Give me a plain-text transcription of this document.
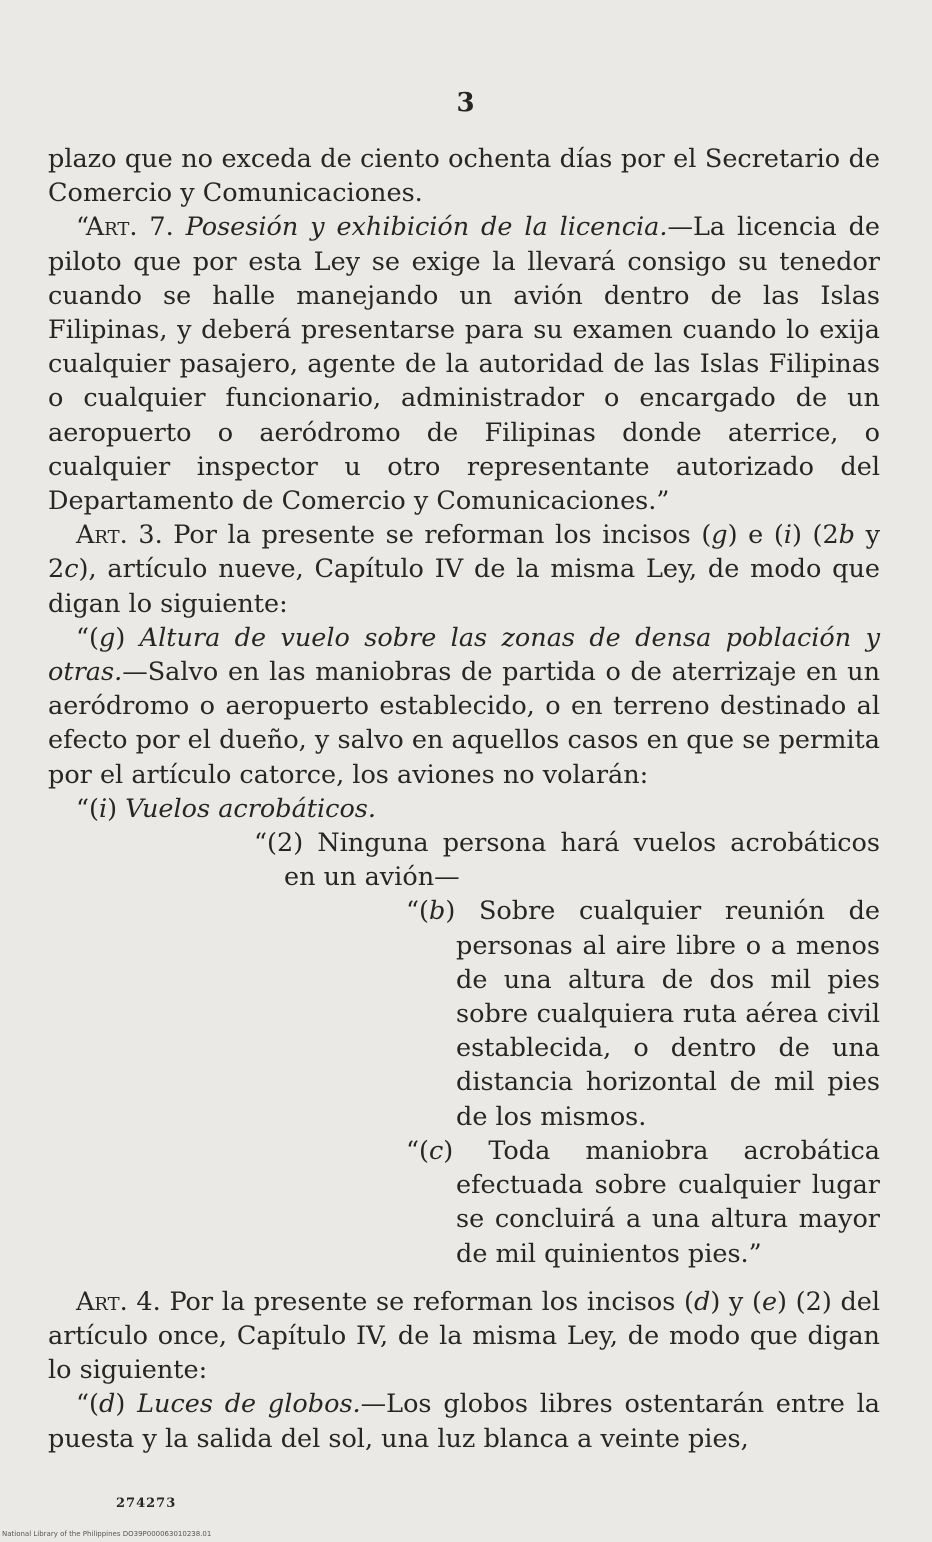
3

plazo que no exceda de ciento ochenta días por el Secretario de Comercio y Comunicaciones.

“Art. 7. Posesión y exhibición de la licencia.—La licencia de piloto que por esta Ley se exige la llevará consigo su tenedor cuando se halle manejando un avión dentro de las Islas Filipinas, y deberá presentarse para su examen cuando lo exija cualquier pasajero, agente de la autoridad de las Islas Filipinas o cualquier funcionario, administrador o encargado de un aeropuerto o aeródromo de Filipinas donde aterrice, o cualquier inspector u otro representante autorizado del Departamento de Comercio y Comunicaciones.”

Art. 3. Por la presente se reforman los incisos (g) e (i) (2b y 2c), artículo nueve, Capítulo IV de la misma Ley, de modo que digan lo siguiente:

“(g) Altura de vuelo sobre las zonas de densa población y otras.—Salvo en las maniobras de partida o de aterrizaje en un aeródromo o aeropuerto establecido, o en terreno destinado al efecto por el dueño, y salvo en aquellos casos en que se permita por el artículo catorce, los aviones no volarán:

“(i) Vuelos acrobáticos.

“(2) Ninguna persona hará vuelos acrobáticos en un avión—

“(b) Sobre cualquier reunión de personas al aire libre o a menos de una altura de dos mil pies sobre cualquiera ruta aérea civil establecida, o dentro de una distancia horizontal de mil pies de los mismos.

“(c) Toda maniobra acrobática efectuada sobre cualquier lugar se concluirá a una altura mayor de mil quinientos pies.”

Art. 4. Por la presente se reforman los incisos (d) y (e) (2) del artículo once, Capítulo IV, de la misma Ley, de modo que digan lo siguiente:

“(d) Luces de globos.—Los globos libres ostentarán entre la puesta y la salida del sol, una luz blanca a veinte pies,

274273
National Library of the Philippines DO39P000063010238.01
